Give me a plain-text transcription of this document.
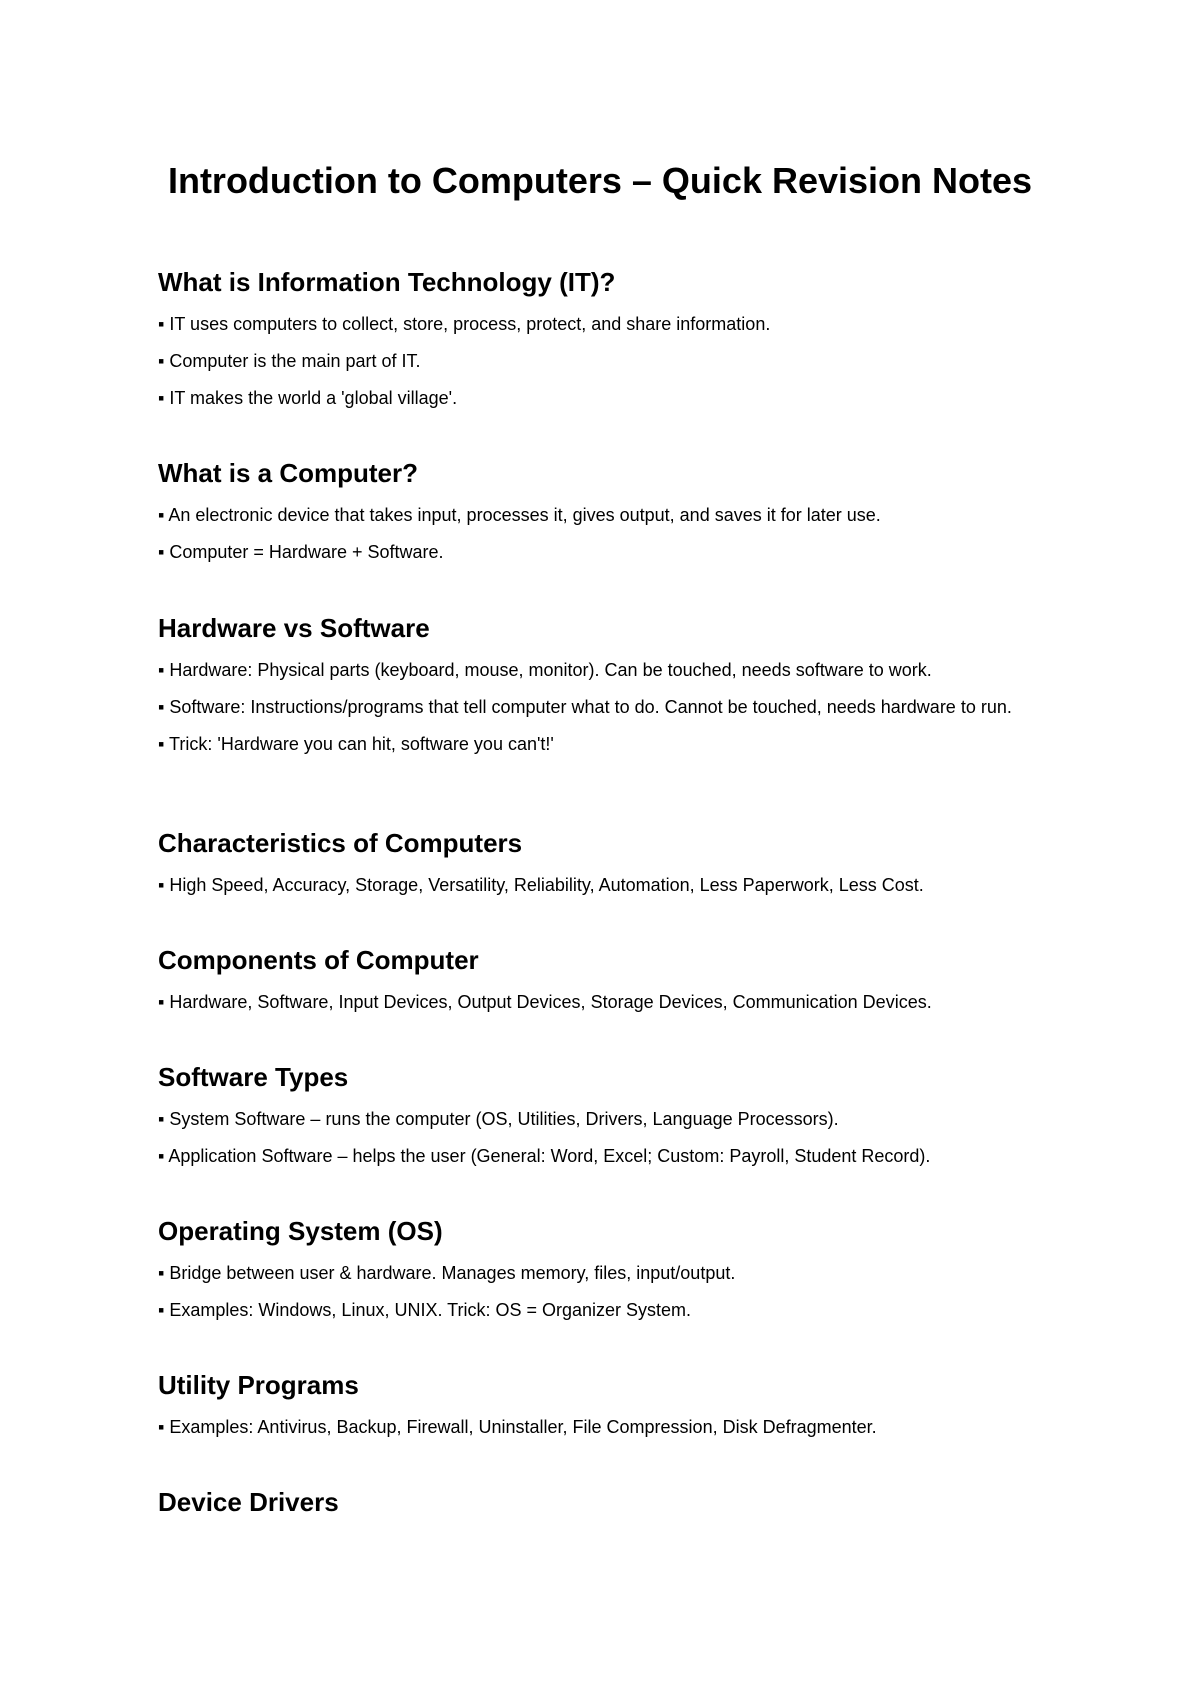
Introduction to Computers – Quick Revision Notes
What is Information Technology (IT)?

▪ IT uses computers to collect, store, process, protect, and share information.

▪ Computer is the main part of IT.

▪ IT makes the world a 'global village'.

What is a Computer?

▪ An electronic device that takes input, processes it, gives output, and saves it for later use.

▪ Computer = Hardware + Software.

Hardware vs Software

▪ Hardware: Physical parts (keyboard, mouse, monitor). Can be touched, needs software to work.

▪ Software: Instructions/programs that tell computer what to do. Cannot be touched, needs hardware to run.

▪ Trick: 'Hardware you can hit, software you can't!'

Characteristics of Computers

▪ High Speed, Accuracy, Storage, Versatility, Reliability, Automation, Less Paperwork, Less Cost.

Components of Computer

▪ Hardware, Software, Input Devices, Output Devices, Storage Devices, Communication Devices.

Software Types

▪ System Software – runs the computer (OS, Utilities, Drivers, Language Processors).

▪ Application Software – helps the user (General: Word, Excel; Custom: Payroll, Student Record).

Operating System (OS)

▪ Bridge between user & hardware. Manages memory, files, input/output.

▪ Examples: Windows, Linux, UNIX. Trick: OS = Organizer System.

Utility Programs

▪ Examples: Antivirus, Backup, Firewall, Uninstaller, File Compression, Disk Defragmenter.

Device Drivers
